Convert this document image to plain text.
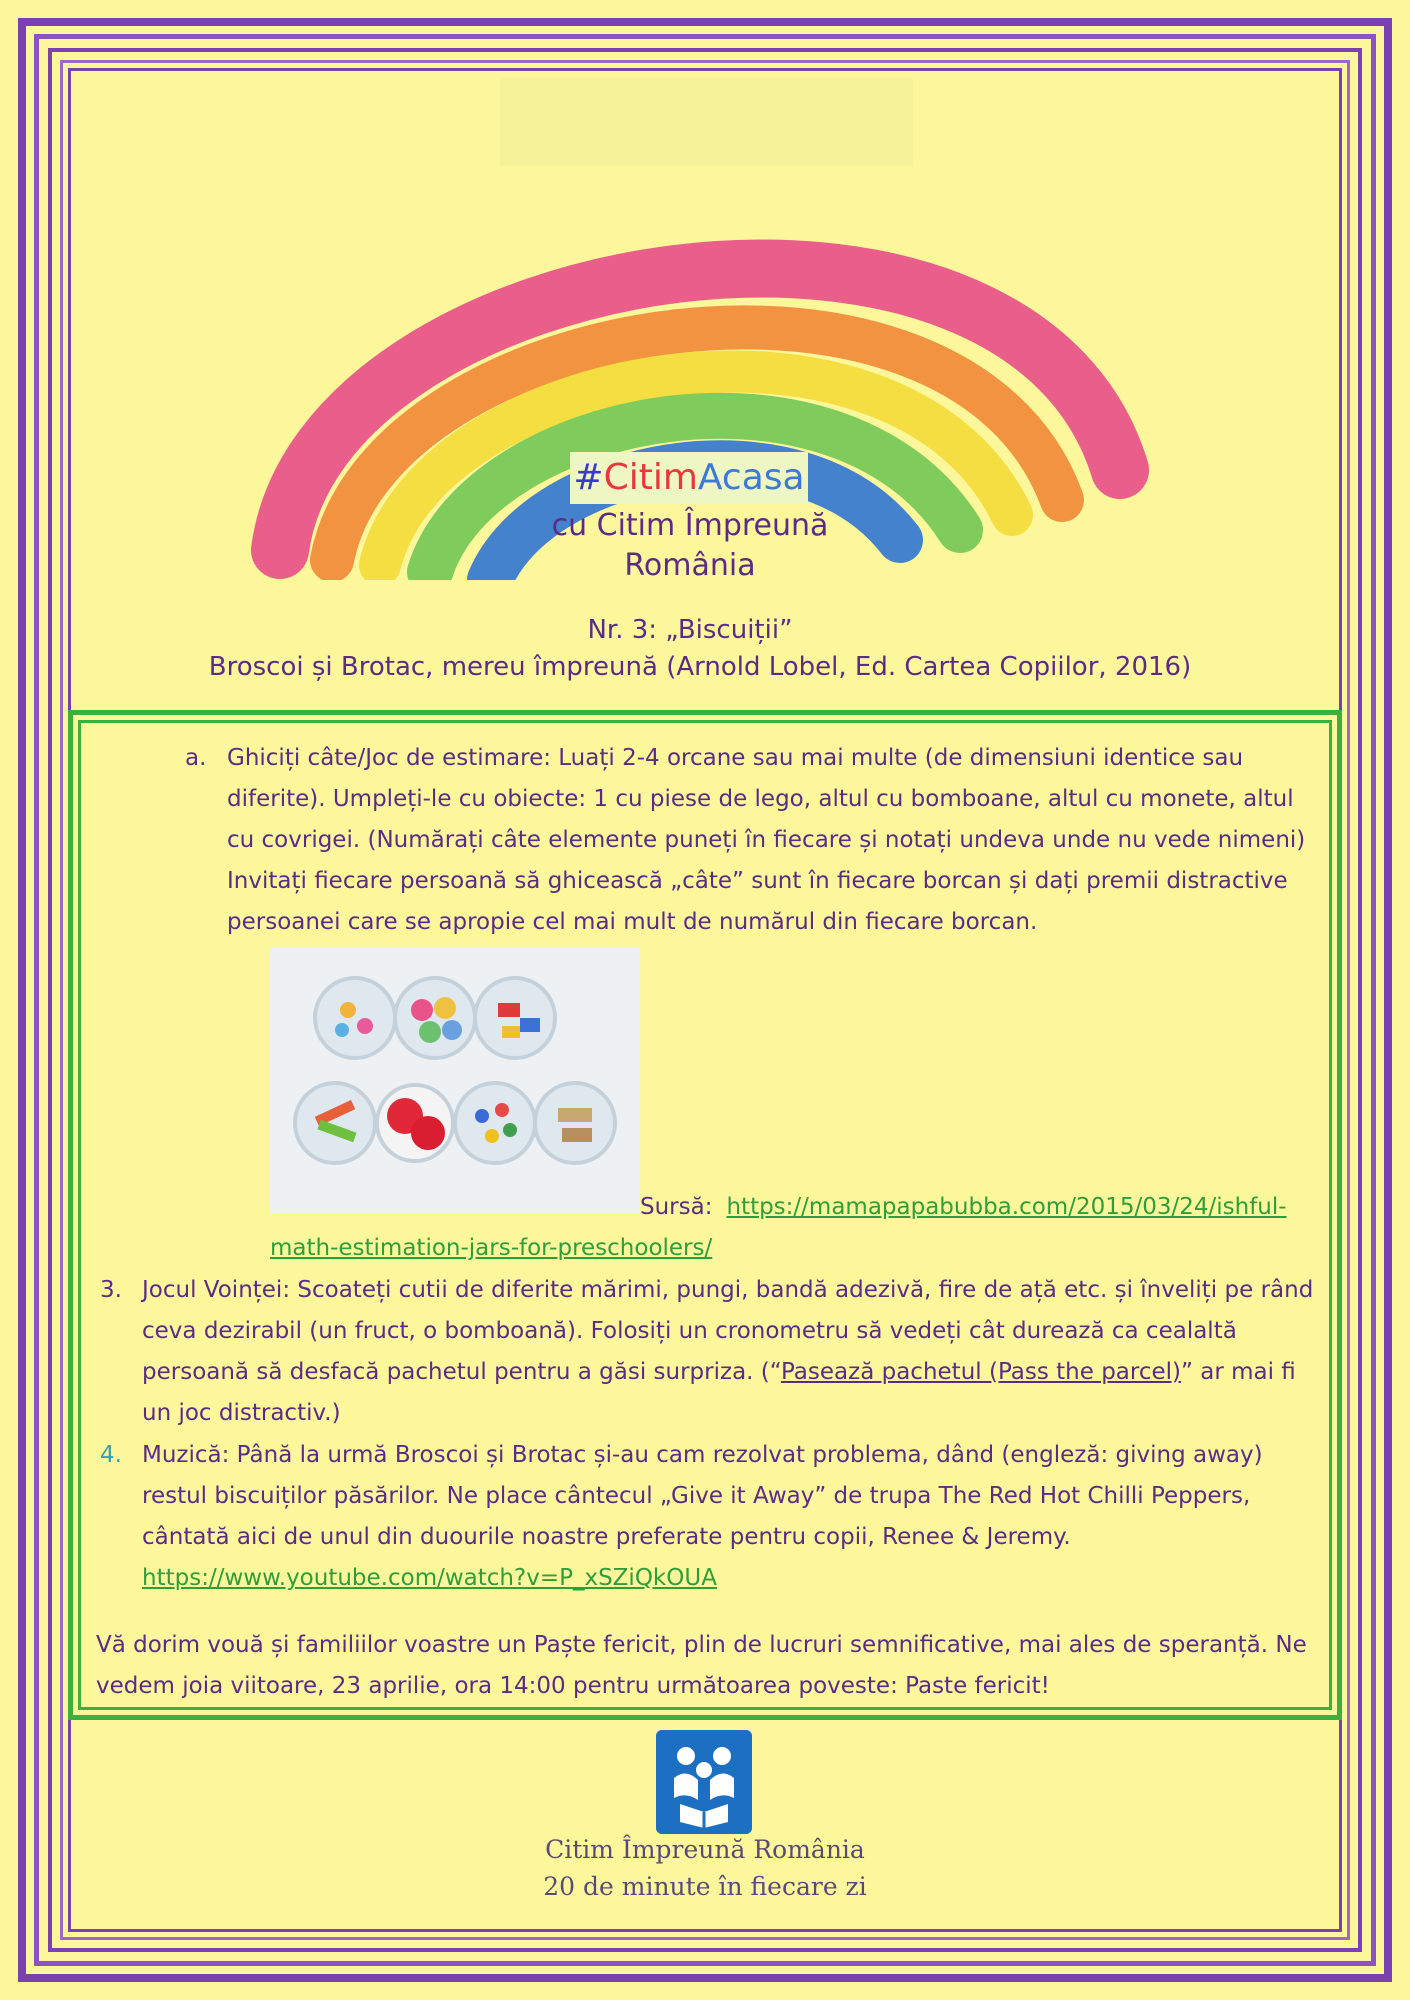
#CitimAcasa
cu Citim Împreună
România
Nr. 3: „Biscuiții”
Broscoi și Brotac, mereu împreună (Arnold Lobel, Ed. Cartea Copiilor, 2016)
a. Ghiciți câte/Joc de estimare: Luați 2-4 orcane sau mai multe (de dimensiuni identice sau diferite). Umpleți-le cu obiecte: 1 cu piese de lego, altul cu bomboane, altul cu monete, altul cu covrigei. (Numărați câte elemente puneți în fiecare și notați undeva unde nu vede nimeni) Invitați fiecare persoană să ghicească „câte” sunt în fiecare borcan și dați premii distractive persoanei care se apropie cel mai mult de numărul din fiecare borcan.
Sursă: https://mamapapabubba.com/2015/03/24/ishful-
math-estimation-jars-for-preschoolers/
3. Jocul Voinței: Scoateți cutii de diferite mărimi, pungi, bandă adezivă, fire de ață etc. și înveliți pe rând ceva dezirabil (un fruct, o bomboană). Folosiți un cronometru să vedeți cât durează ca cealaltă persoană să desfacă pachetul pentru a găsi surpriza. (“Pasează pachetul (Pass the parcel)” ar mai fi un joc distractiv.)
4. Muzică: Până la urmă Broscoi și Brotac și-au cam rezolvat problema, dând (engleză: giving away) restul biscuiților păsărilor. Ne place cântecul „Give it Away” de trupa The Red Hot Chilli Peppers, cântată aici de unul din duourile noastre preferate pentru copii, Renee & Jeremy.
https://www.youtube.com/watch?v=P_xSZiQkOUA
Vă dorim vouă și familiilor voastre un Paște fericit, plin de lucruri semnificative, mai ales de speranță. Ne vedem joia viitoare, 23 aprilie, ora 14:00 pentru următoarea poveste: Paste fericit!
Citim Împreună România
20 de minute în fiecare zi
